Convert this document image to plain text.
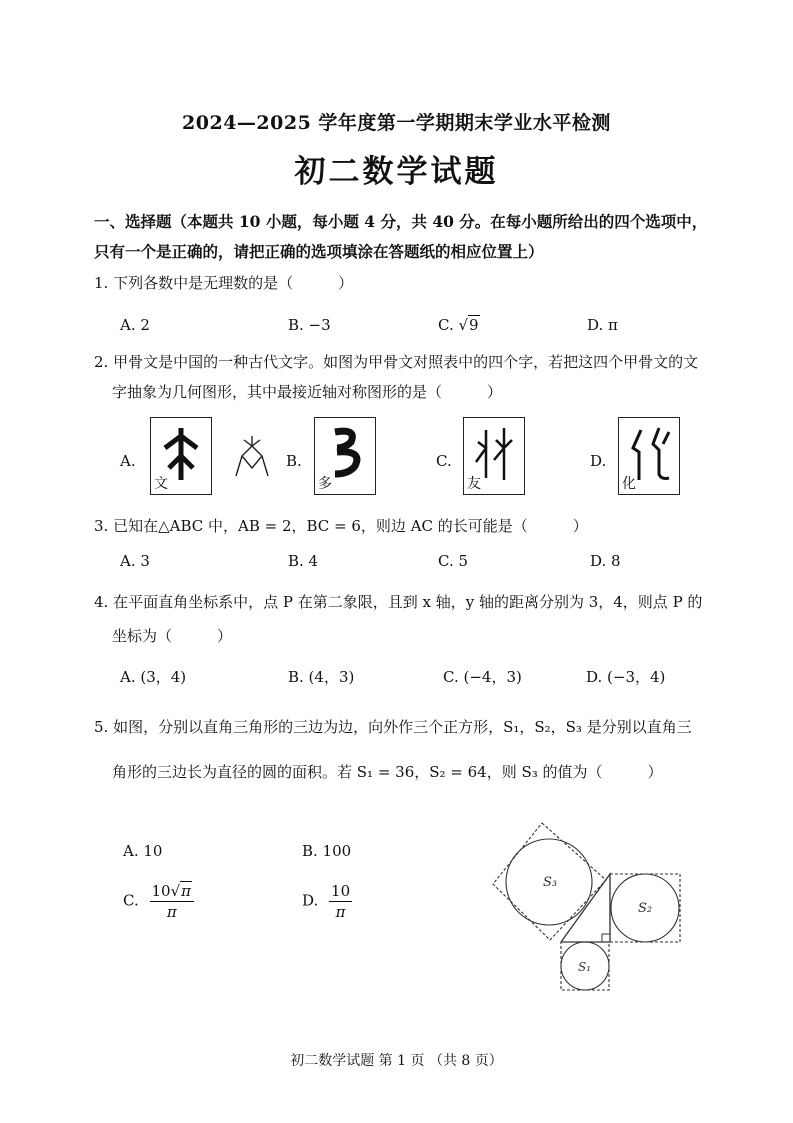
2024—2025 学年度第一学期期末学业水平检测
初二数学试题
一、选择题（本题共 10 小题，每小题 4 分，共 40 分。在每小题所给出的四个选项中，
只有一个是正确的，请把正确的选项填涂在答题纸的相应位置上）
1. 下列各数中是无理数的是（　　　）
A. 2	B. −3	C. √9	D. π
2. 甲骨文是中国的一种古代文字。如图为甲骨文对照表中的四个字，若把这四个甲骨文的文
字抽象为几何图形，其中最接近轴对称图形的是（　　　）
A.
文
B.
多
C.
友
D.
化
3. 已知在△ABC 中，AB = 2，BC = 6，则边 AC 的长可能是（　　　）
A. 3	B. 4	C. 5	D. 8
4. 在平面直角坐标系中，点 P 在第二象限，且到 x 轴，y 轴的距离分别为 3，4，则点 P 的
坐标为（　　　）
A. (3，4)	B. (4，3)	C. (−4，3)	D. (−3，4)
5. 如图，分别以直角三角形的三边为边，向外作三个正方形，S₁，S₂，S₃ 是分别以直角三
角形的三边长为直径的圆的面积。若 S₁ = 36，S₂ = 64，则 S₃ 的值为（　　　）
A. 10	B. 100
C. $\frac{10√\pi}{\pi}$	D. $\frac{10}{\pi}$	S₃
S₂
S₁
初二数学试题 第 1 页 （共 8 页）
